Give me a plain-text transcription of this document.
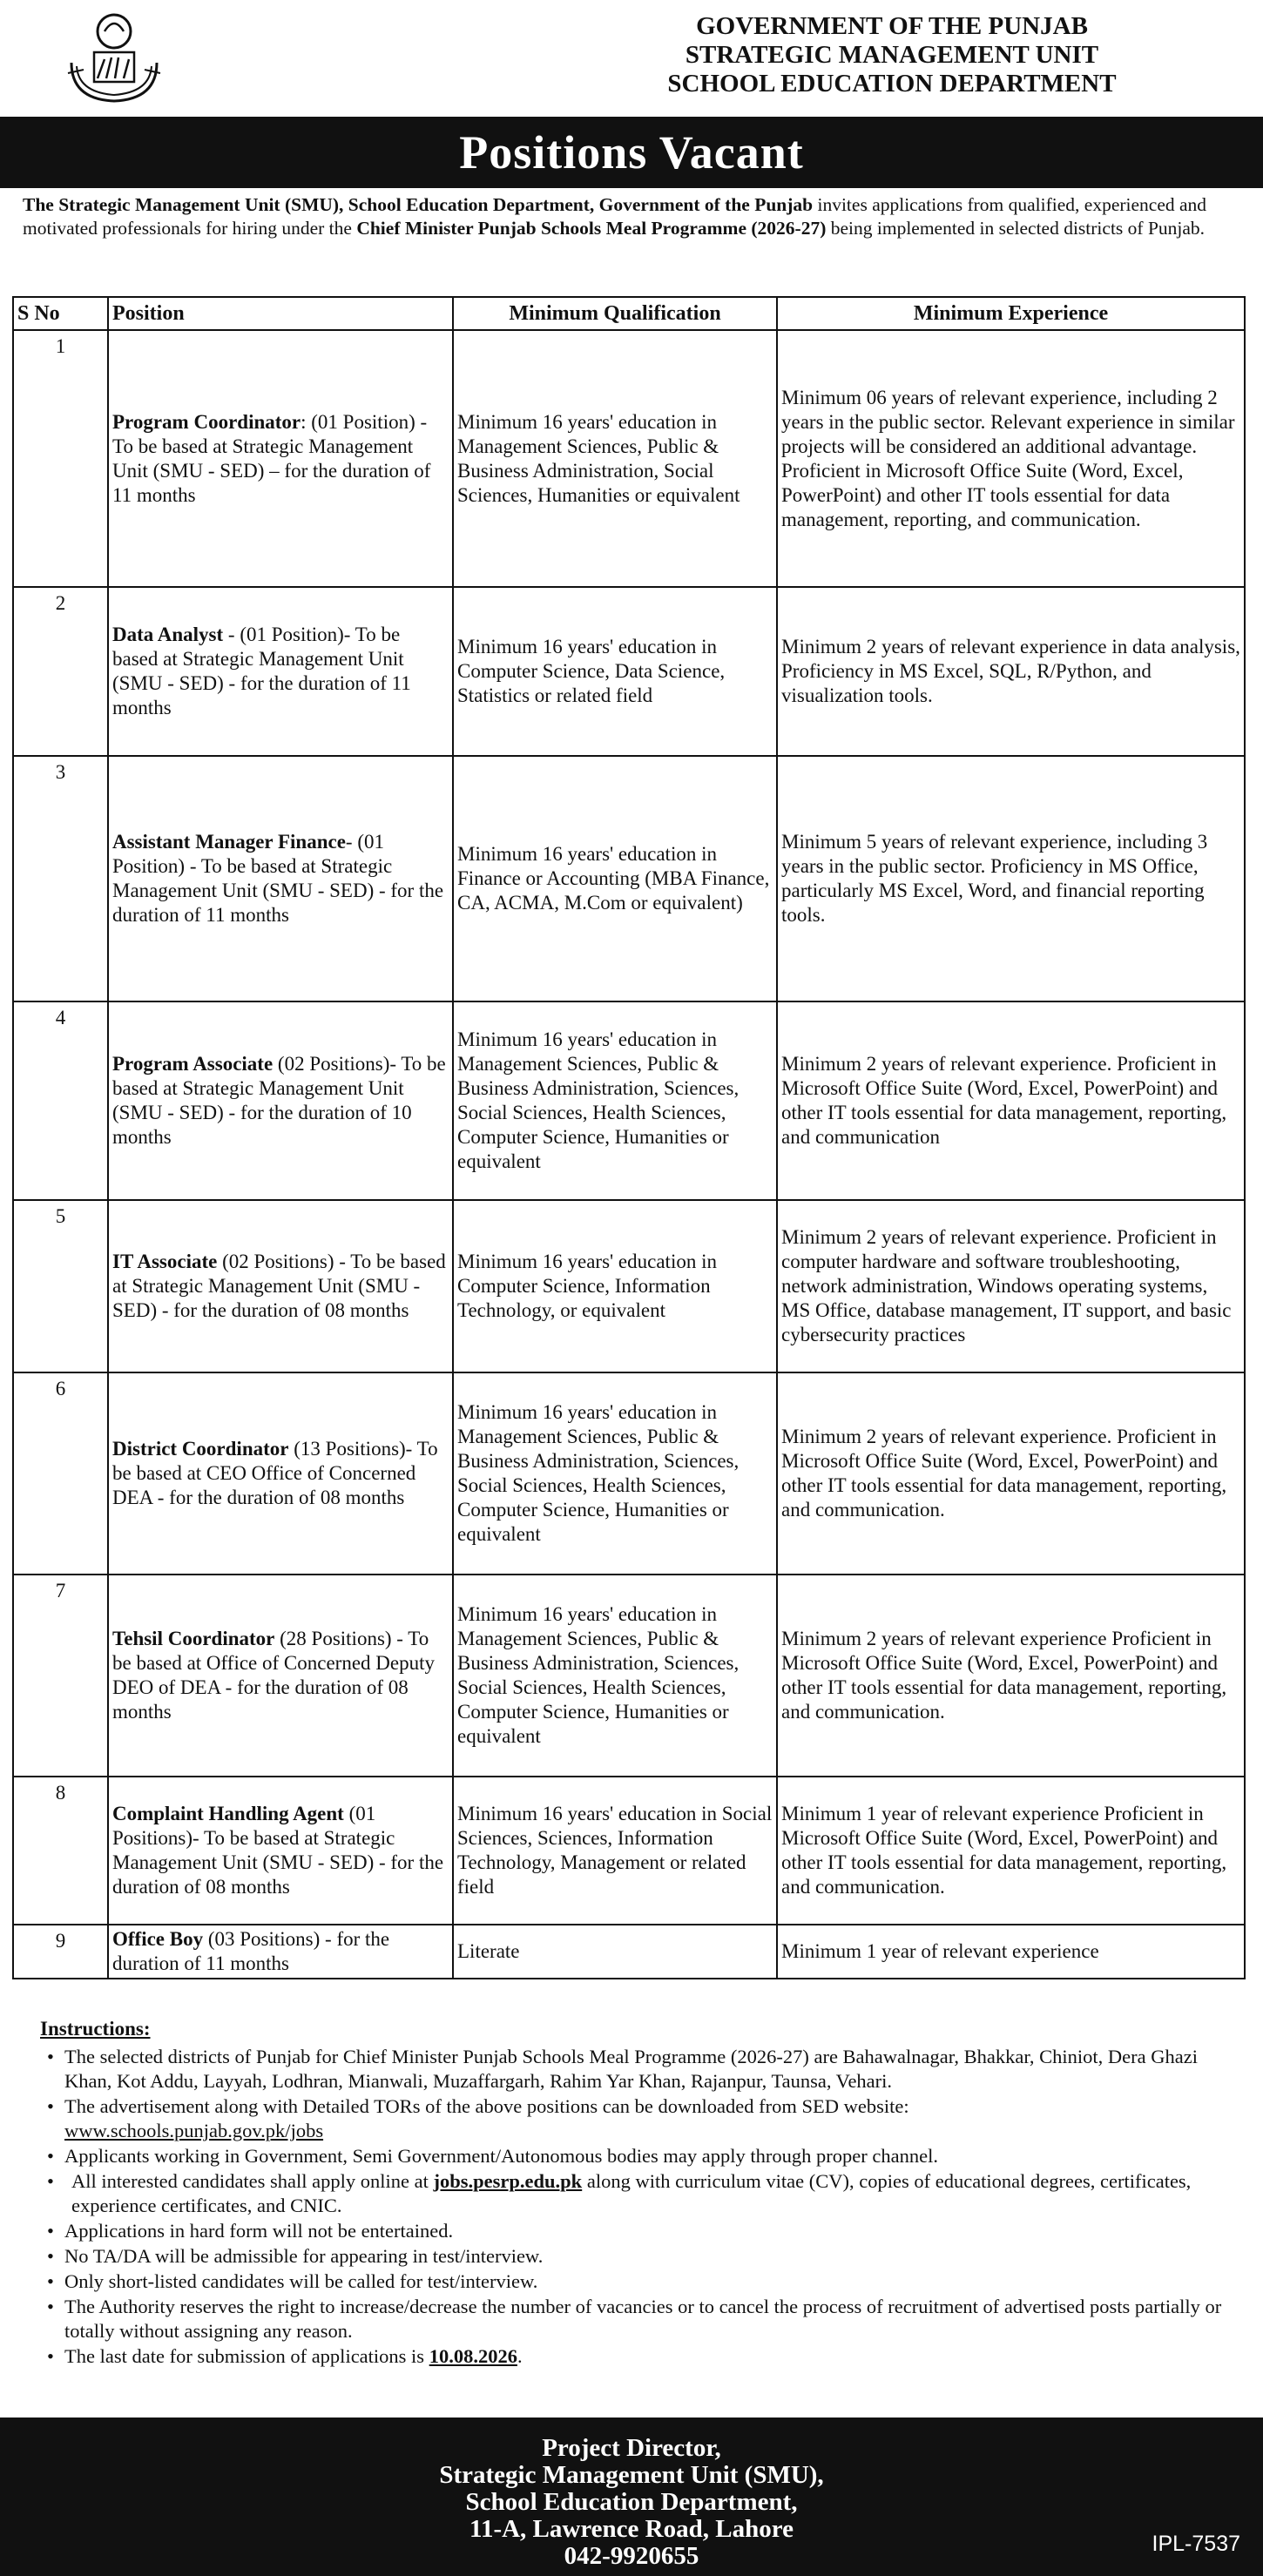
GOVERNMENT OF THE PUNJAB
STRATEGIC MANAGEMENT UNIT
SCHOOL EDUCATION DEPARTMENT
Positions Vacant
The Strategic Management Unit (SMU), School Education Department, Government of the Punjab invites applications from qualified, experienced and motivated professionals for hiring under the Chief Minister Punjab Schools Meal Programme (2026-27) being implemented in selected districts of Punjab.
S No	Position	Minimum Qualification	Minimum Experience
1	Program Coordinator: (01 Position) - To be based at Strategic Management Unit (SMU - SED) – for the duration of 11 months	Minimum 16 years' education in Management Sciences, Public & Business Administration, Social Sciences, Humanities or equivalent	Minimum 06 years of relevant experience, including 2 years in the public sector. Relevant experience in similar projects will be considered an additional advantage. Proficient in Microsoft Office Suite (Word, Excel, PowerPoint) and other IT tools essential for data management, reporting, and communication.
2	Data Analyst - (01 Position)- To be based at Strategic Management Unit (SMU - SED) - for the duration of 11 months	Minimum 16 years' education in Computer Science, Data Science, Statistics or related field	Minimum 2 years of relevant experience in data analysis, Proficiency in MS Excel, SQL, R/Python, and visualization tools.
3	Assistant Manager Finance- (01 Position) - To be based at Strategic Management Unit (SMU - SED) - for the duration of 11 months	Minimum 16 years' education in Finance or Accounting (MBA Finance, CA, ACMA, M.Com or equivalent)	Minimum 5 years of relevant experience, including 3 years in the public sector. Proficiency in MS Office, particularly MS Excel, Word, and financial reporting tools.
4	Program Associate (02 Positions)- To be based at Strategic Management Unit (SMU - SED) - for the duration of 10 months	Minimum 16 years' education in Management Sciences, Public & Business Administration, Sciences, Social Sciences, Health Sciences, Computer Science, Humanities or equivalent	Minimum 2 years of relevant experience. Proficient in Microsoft Office Suite (Word, Excel, PowerPoint) and other IT tools essential for data management, reporting, and communication
5	IT Associate (02 Positions) - To be based at Strategic Management Unit (SMU - SED) - for the duration of 08 months	Minimum 16 years' education in Computer Science, Information Technology, or equivalent	Minimum 2 years of relevant experience. Proficient in computer hardware and software troubleshooting, network administration, Windows operating systems, MS Office, database management, IT support, and basic cybersecurity practices
6	District Coordinator (13 Positions)- To be based at CEO Office of Concerned DEA - for the duration of 08 months	Minimum 16 years' education in Management Sciences, Public & Business Administration, Sciences, Social Sciences, Health Sciences, Computer Science, Humanities or equivalent	Minimum 2 years of relevant experience. Proficient in Microsoft Office Suite (Word, Excel, PowerPoint) and other IT tools essential for data management, reporting, and communication.
7	Tehsil Coordinator (28 Positions) - To be based at Office of Concerned Deputy DEO of DEA - for the duration of 08 months	Minimum 16 years' education in Management Sciences, Public & Business Administration, Sciences, Social Sciences, Health Sciences, Computer Science, Humanities or equivalent	Minimum 2 years of relevant experience Proficient in Microsoft Office Suite (Word, Excel, PowerPoint) and other IT tools essential for data management, reporting, and communication.
8	Complaint Handling Agent (01 Positions)- To be based at Strategic Management Unit (SMU - SED) - for the duration of 08 months	Minimum 16 years' education in Social Sciences, Sciences, Information Technology, Management or related field	Minimum 1 year of relevant experience Proficient in Microsoft Office Suite (Word, Excel, PowerPoint) and other IT tools essential for data management, reporting, and communication.
9	Office Boy (03 Positions) - for the duration of 11 months	Literate	Minimum 1 year of relevant experience
Instructions:
• The selected districts of Punjab for Chief Minister Punjab Schools Meal Programme (2026-27) are Bahawalnagar, Bhakkar, Chiniot, Dera Ghazi Khan, Kot Addu, Layyah, Lodhran, Mianwali, Muzaffargarh, Rahim Yar Khan, Rajanpur, Taunsa, Vehari.
• The advertisement along with Detailed TORs of the above positions can be downloaded from SED website:
www.schools.punjab.gov.pk/jobs
• Applicants working in Government, Semi Government/Autonomous bodies may apply through proper channel.
• All interested candidates shall apply online at jobs.pesrp.edu.pk along with curriculum vitae (CV), copies of educational degrees, certificates, experience certificates, and CNIC.
• Applications in hard form will not be entertained.
• No TA/DA will be admissible for appearing in test/interview.
• Only short-listed candidates will be called for test/interview.
• The Authority reserves the right to increase/decrease the number of vacancies or to cancel the process of recruitment of advertised posts partially or totally without assigning any reason.
• The last date for submission of applications is 10.08.2026.
Project Director,
Strategic Management Unit (SMU),
School Education Department,
11-A, Lawrence Road, Lahore
042-9920655	IPL-7537
